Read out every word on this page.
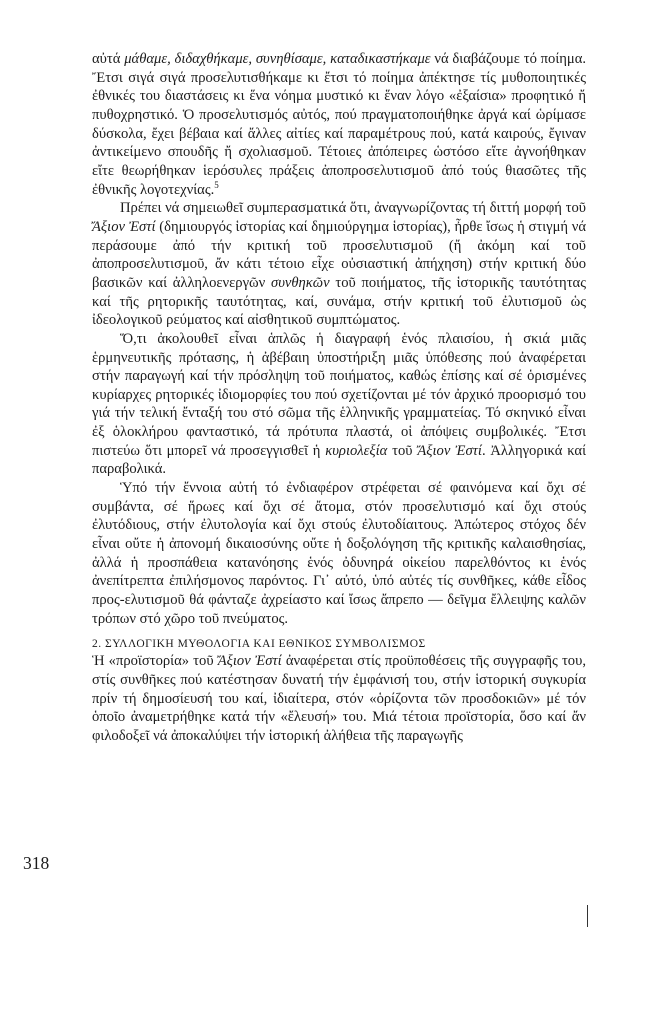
318

αὐτά μάθαμε, διδαχθήκαμε, συνηθίσαμε, καταδικαστήκαμε νά διαβάζουμε τό ποίημα. Ἔτσι σιγά σιγά προσελυτισθήκαμε κι ἔτσι τό ποίημα ἀπέκτησε τίς μυθοποιητικές ἐθνικές του διαστάσεις κι ἕνα νόημα μυστικό κι ἕναν λόγο «ἐξαίσια» προφητικό ἤ πυθοχρηστικό. Ὁ προσελυτισμός αὐτός, πού πραγματοποιήθηκε ἀργά καί ὡρίμασε δύσκολα, ἔχει βέβαια καί ἄλλες αἰτίες καί παραμέτρους πού, κατά καιρούς, ἔγιναν ἀντικείμενο σπουδῆς ἤ σχολιασμοῦ. Τέτοιες ἀπόπειρες ὡστόσο εἴτε ἀγνοήθηκαν εἴτε θεωρήθηκαν ἱερόσυλες πράξεις ἀποπροσελυτισμοῦ ἀπό τούς θιασῶτες τῆς ἐθνικῆς λογοτεχνίας.$^5$

Πρέπει νά σημειωθεῖ συμπερασματικά ὅτι, ἀναγνωρίζοντας τή διττή μορφή τοῦ Ἄξιον Ἐστί (δημιουργός ἱστορίας καί δημιούργημα ἱστορίας), ἦρθε ἴσως ἡ στιγμή νά περάσουμε ἀπό τήν κριτική τοῦ προσελυτισμοῦ (ἤ ἀκόμη καί τοῦ ἀποπροσελυτισμοῦ, ἄν κάτι τέτοιο εἶχε οὐσιαστική ἀπήχηση) στήν κριτική δύο βασικῶν καί ἀλληλοενεργῶν συνθηκῶν τοῦ ποιήματος, τῆς ἱστορικῆς ταυτότητας καί τῆς ρητορικῆς ταυτότητας, καί, συνάμα, στήν κριτική τοῦ ἐλυτισμοῦ ὡς ἰδεολογικοῦ ρεύματος καί αἰσθητικοῦ συμπτώματος.

Ὅ,τι ἀκολουθεῖ εἶναι ἁπλῶς ἡ διαγραφή ἑνός πλαισίου, ἡ σκιά μιᾶς ἑρμηνευτικῆς πρότασης, ἡ ἀβέβαιη ὑποστήριξη μιᾶς ὑπόθεσης πού ἀναφέρεται στήν παραγωγή καί τήν πρόσληψη τοῦ ποιήματος, καθώς ἐπίσης καί σέ ὁρισμένες κυρίαρχες ρητορικές ἰδιομορφίες του πού σχετίζονται μέ τόν ἀρχικό προορισμό του γιά τήν τελική ἔνταξή του στό σῶμα τῆς ἑλληνικῆς γραμματείας. Τό σκηνικό εἶναι ἐξ ὁλοκλήρου φανταστικό, τά πρότυπα πλαστά, οἱ ἀπόψεις συμβολικές. Ἔτσι πιστεύω ὅτι μπορεῖ νά προσεγγισθεῖ ἡ κυριολεξία τοῦ Ἄξιον Ἐστί. Ἀλληγορικά καί παραβολικά.

Ὑπό τήν ἔννοια αὐτή τό ἐνδιαφέρον στρέφεται σέ φαινόμενα καί ὄχι σέ συμβάντα, σέ ἥρωες καί ὄχι σέ ἄτομα, στόν προσελυτισμό καί ὄχι στούς ἐλυτόδιους, στήν ἐλυτολογία καί ὄχι στούς ἐλυτοδίαιτους. Ἀπώτερος στόχος δέν εἶναι οὔτε ἡ ἀπονομή δικαιοσύνης οὔτε ἡ δοξολόγηση τῆς κριτικῆς καλαισθησίας, ἀλλά ἡ προσπάθεια κατανόησης ἑνός ὀδυνηρά οἰκείου παρελθόντος κι ἑνός ἀνεπίτρεπτα ἐπιλήσμονος παρόντος. Γι᾽ αὐτό, ὑπό αὐτές τίς συνθῆκες, κάθε εἶδος προς-ελυτισμοῦ θά φάνταζε ἀχρείαστο καί ἴσως ἄπρεπο — δεῖγμα ἔλλειψης καλῶν τρόπων στό χῶρο τοῦ πνεύματος.

2. ΣΥΛΛΟΓΙΚΗ ΜΥΘΟΛΟΓΙΑ ΚΑΙ ΕΘΝΙΚΟΣ ΣΥΜΒΟΛΙΣΜΟΣ

Ἡ «προϊστορία» τοῦ Ἄξιον Ἐστί ἀναφέρεται στίς προϋποθέσεις τῆς συγγραφῆς του, στίς συνθῆκες πού κατέστησαν δυνατή τήν ἐμφάνισή του, στήν ἱστορική συγκυρία πρίν τή δημοσίευσή του καί, ἰδιαίτερα, στόν «ὁρίζοντα τῶν προσδοκιῶν» μέ τόν ὁποῖο ἀναμετρήθηκε κατά τήν «ἔλευσή» του. Μιά τέτοια προϊστορία, ὅσο καί ἄν φιλοδοξεῖ νά ἀποκαλύψει τήν ἱστορική ἀλήθεια τῆς παραγωγῆς
